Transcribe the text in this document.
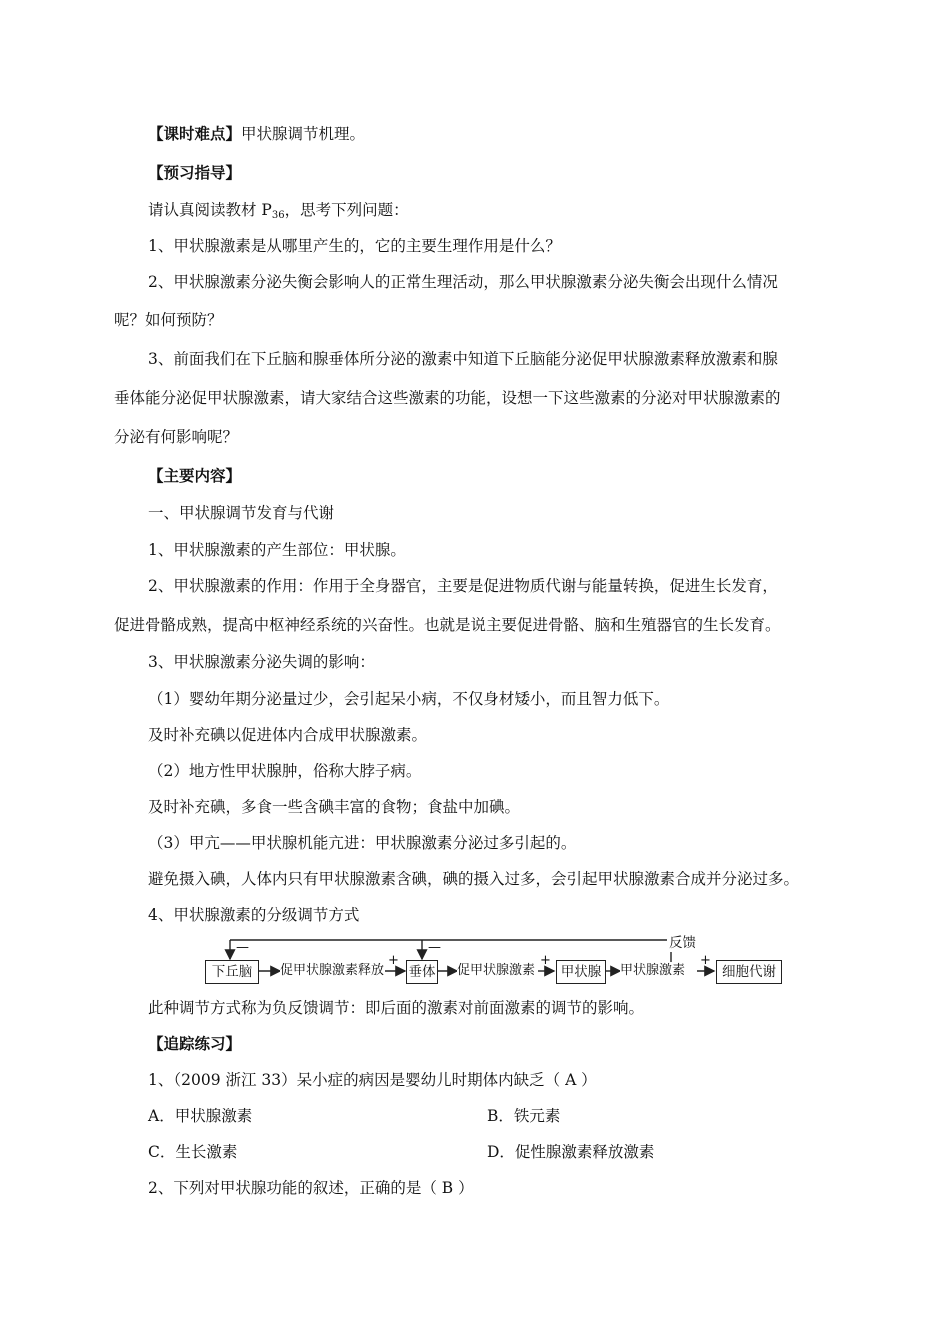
【课时难点】甲状腺调节机理。
【预习指导】
请认真阅读教材 $P_{36}$，思考下列问题：
1、甲状腺激素是从哪里产生的，它的主要生理作用是什么？
2、甲状腺激素分泌失衡会影响人的正常生理活动，那么甲状腺激素分泌失衡会出现什么情况
呢？如何预防？
3、前面我们在下丘脑和腺垂体所分泌的激素中知道下丘脑能分泌促甲状腺激素释放激素和腺
垂体能分泌促甲状腺激素，请大家结合这些激素的功能，设想一下这些激素的分泌对甲状腺激素的
分泌有何影响呢？
【主要内容】
一、甲状腺调节发育与代谢
1、甲状腺激素的产生部位：甲状腺。
2、甲状腺激素的作用：作用于全身器官，主要是促进物质代谢与能量转换，促进生长发育，
促进骨骼成熟，提高中枢神经系统的兴奋性。也就是说主要促进骨骼、脑和生殖器官的生长发育。
3、甲状腺激素分泌失调的影响：
（1）婴幼年期分泌量过少，会引起呆小病，不仅身材矮小，而且智力低下。
及时补充碘以促进体内合成甲状腺激素。
（2）地方性甲状腺肿，俗称大脖子病。
及时补充碘，多食一些含碘丰富的食物；食盐中加碘。
（3）甲亢——甲状腺机能亢进：甲状腺激素分泌过多引起的。
避免摄入碘，人体内只有甲状腺激素含碘，碘的摄入过多，会引起甲状腺激素合成并分泌过多。
4、甲状腺激素的分级调节方式
下丘脑	垂体	甲状腺	细胞代谢
促甲状腺激素释放	促甲状腺激素	甲状腺激素
+	+	+
—	—	反馈
此种调节方式称为负反馈调节：即后面的激素对前面激素的调节的影响。
【追踪练习】
1、（2009 浙江 33）呆小症的病因是婴幼儿时期体内缺乏（ A ）
A．甲状腺激素	B．铁元素
C．生长激素	D．促性腺激素释放激素
2、下列对甲状腺功能的叙述，正确的是（ B ）
